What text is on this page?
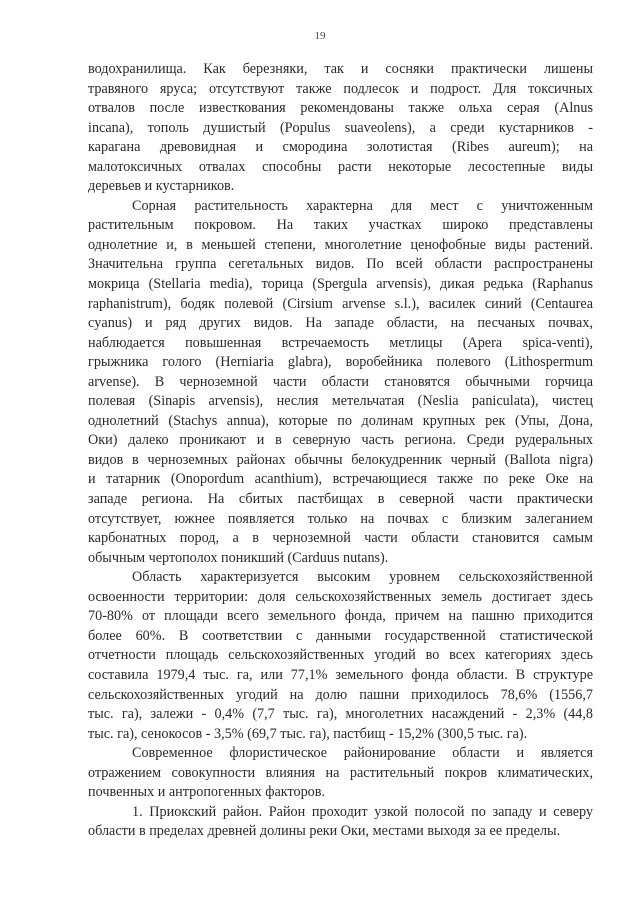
19
водохранилища. Как березняки, так и сосняки практически лишены
травяного яруса; отсутствуют также подлесок и подрост. Для токсичных
отвалов после известкования рекомендованы также ольха серая (Alnus
incana), тополь душистый (Populus suaveolens), а среди кустарников -
карагана древовидная и смородина золотистая (Ribes aureum); на
малотоксичных отвалах способны расти некоторые лесостепные виды
деревьев и кустарников.
Сорная растительность характерна для мест с уничтоженным
растительным покровом. На таких участках широко представлены
однолетние и, в меньшей степени, многолетние ценофобные виды растений.
Значительна группа сегетальных видов. По всей области распространены
мокрица (Stellaria media), торица (Spergula arvensis), дикая редька (Raphanus
raphanistrum), бодяк полевой (Cirsium arvense s.l.), василек синий (Centaurea
cyanus) и ряд других видов. На западе области, на песчаных почвах,
наблюдается повышенная встречаемость метлицы (Apera spica-venti),
грыжника голого (Herniaria glabra), воробейника полевого (Lithospermum
arvense). В черноземной части области становятся обычными горчица
полевая (Sinapis arvensis), неслия метельчатая (Neslia paniculata), чистец
однолетний (Stachys annua), которые по долинам крупных рек (Упы, Дона,
Оки) далеко проникают и в северную часть региона. Среди рудеральных
видов в черноземных районах обычны белокудренник черный (Ballota nigra)
и татарник (Onopordum acanthium), встречающиеся также по реке Оке на
западе региона. На сбитых пастбищах в северной части практически
отсутствует, южнее появляется только на почвах с близким залеганием
карбонатных пород, а в черноземной части области становится самым
обычным чертополох поникший (Carduus nutans).
Область характеризуется высоким уровнем сельскохозяйственной
освоенности территории: доля сельскохозяйственных земель достигает здесь
70-80% от площади всего земельного фонда, причем на пашню приходится
более 60%. В соответствии с данными государственной статистической
отчетности площадь сельскохозяйственных угодий во всех категориях здесь
составила 1979,4 тыс. га, или 77,1% земельного фонда области. В структуре
сельскохозяйственных угодий на долю пашни приходилось 78,6% (1556,7
тыс. га), залежи - 0,4% (7,7 тыс. га), многолетних насаждений - 2,3% (44,8
тыс. га), сенокосов - 3,5% (69,7 тыс. га), пастбищ - 15,2% (300,5 тыс. га).
Современное флористическое районирование области и является
отражением совокупности влияния на растительный покров климатических,
почвенных и антропогенных факторов.
1. Приокский район. Район проходит узкой полосой по западу и северу
области в пределах древней долины реки Оки, местами выходя за ее пределы.
